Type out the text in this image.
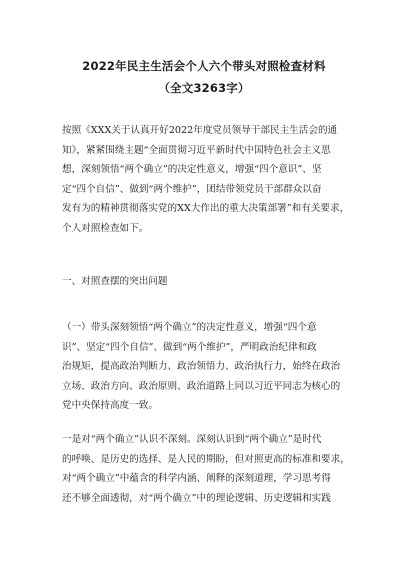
2022年民主生活会个人六个带头对照检查材料
（全文3263字）
按照《XXX关于认真开好2022年度党员领导干部民主生活会的通
知》，紧紧围绕主题“全面贯彻习近平新时代中国特色社会主义思
想，深刻领悟“两个确立”的决定性意义，增强“四个意识”、坚
定“四个自信”、做到“两个维护”，团结带领党员干部群众以奋
发有为的精神贯彻落实党的XX大作出的重大决策部署”和有关要求，
个人对照检查如下。
一、对照查摆的突出问题
（一）带头深刻领悟“两个确立”的决定性意义，增强“四个意
识”、坚定“四个自信”、做到“两个维护”，严明政治纪律和政
治规矩，提高政治判断力、政治领悟力、政治执行力，始终在政治
立场、政治方向、政治原则、政治道路上同以习近平同志为核心的
党中央保持高度一致。
一是对“两个确立”认识不深刻。深刻认识到“两个确立”是时代
的呼唤、是历史的选择、是人民的期盼，但对照更高的标准和要求，
对“两个确立”中蕴含的科学内涵、阐释的深刻道理，学习思考得
还不够全面透彻，对“两个确立”中的理论逻辑、历史逻辑和实践
